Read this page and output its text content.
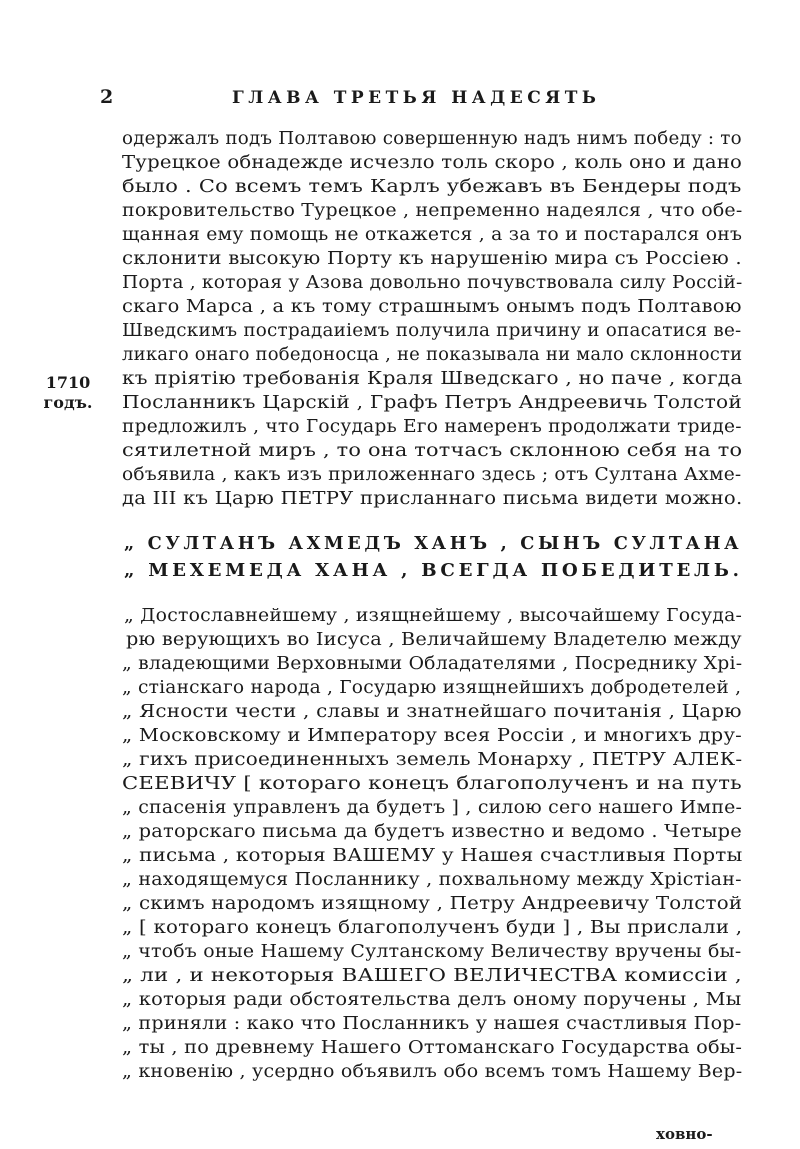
2	ГЛАВА ТРЕТЬЯ НАДЕСЯТЬ
1710
годъ.
одержалъ подъ Полтавою совершенную надъ нимъ победу : то
Турецкое обнадежде исчезло толь скоро , коль оно и дано
было . Со всемъ темъ Карлъ убежавъ въ Бендеры подъ
покровительство Турецкое , непременно надеялся , что обе-
щанная ему помощь не откажется , а за то и постарался онъ
склонити высокую Порту къ нарушенiю мира съ Россiею .
Порта , которая у Азова довольно почувствовала силу Россiй-
скаго Марса , а къ тому страшнымъ онымъ подъ Полтавою
Шведскимъ пострадаиiемъ получила причину и опасатися ве-
ликаго онаго победоносца , не показывала ни мало склонности
къ прiятiю требованiя Краля Шведскаго , но паче , когда
Посланникъ Царскiй , Графъ Петръ Андреевичь Толстой
предложилъ , что Государь Его намеренъ продолжати триде-
сятилетной миръ , то она тотчасъ склонною себя на то
объявила , какъ изъ приложеннаго здесь ; отъ Султана Ахме-
да III къ Царю ПЕТРУ присланнаго письма видети можно.
„ СУЛТАНЪ АХМЕДЪ ХАНЪ , СЫНЪ СУЛТАНА
„ МЕХЕМЕДА ХАНА , ВСЕГДА ПОБЕДИТЕЛЬ.
„ Достославнейшему , изящнейшему , высочайшему Госуда-
рю верующихъ во Iисуса , Величайшему Владетелю между
„ владеющими Верховными Обладателями , Посреднику Хрi-
„ стiанскаго народа , Государю изящнейшихъ добродетелей ,
„ Ясности чести , славы и знатнейшаго почитанiя , Царю
„ Московскому и Императору всея Россiи , и многихъ дру-
„ гихъ присоединенныхъ земель Монарху , ПЕТРУ АЛЕК-
СЕЕВИЧУ [ котораго конецъ благополученъ и на путь
„ спасенiя управленъ да будетъ ] , силою сего нашего Импе-
„ раторскаго письма да будетъ известно и ведомо . Четыре
„ письма , которыя ВАШЕМУ у Нашея счастливыя Порты
„ находящемуся Посланнику , похвальному между Хрiстiан-
„ скимъ народомъ изящному , Петру Андреевичу Толстой
„ [ котораго конецъ благополученъ буди ] , Вы прислали ,
„ чтобъ оные Нашему Султанскому Величеству вручены бы-
„ ли , и некоторыя ВАШЕГО ВЕЛИЧЕСТВА комиссiи ,
„ которыя ради обстоятельства делъ оному поручены , Мы
„ приняли : како что Посланникъ у нашея счастливыя Пор-
„ ты , по древнему Нашего Оттоманскаго Государства обы-
„ кновенiю , усердно объявилъ обо всемъ томъ Нашему Вер-
ховно-
